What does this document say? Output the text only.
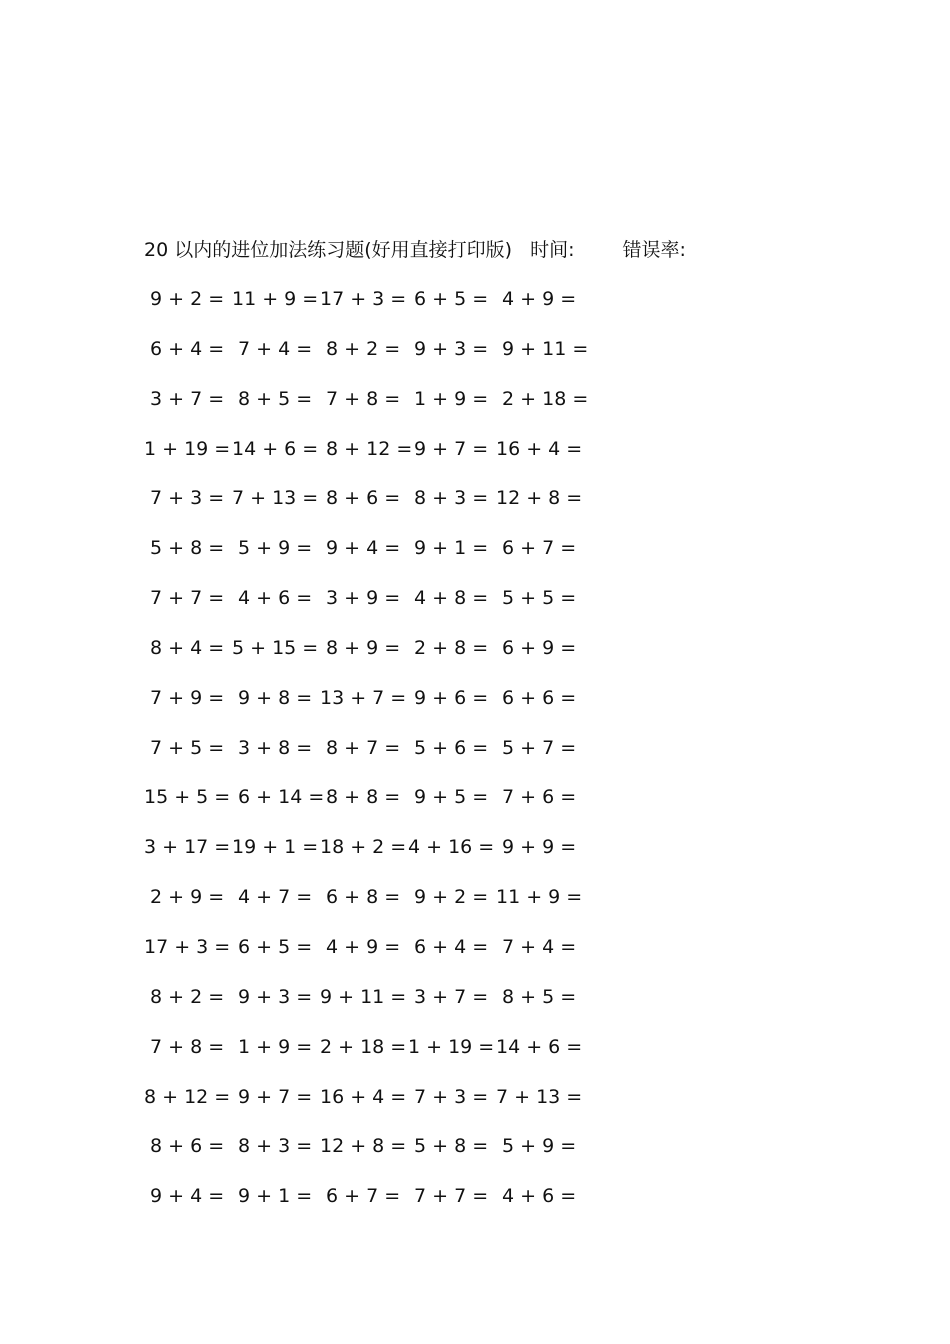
20 以内的进位加法练习题(好用直接打印版) 时间:	错误率:
9 + 2 = 11 + 9 = 17 + 3 = 6 + 5 = 4 + 9 =
6 + 4 = 7 + 4 = 8 + 2 = 9 + 3 = 9 + 11 =
3 + 7 = 8 + 5 = 7 + 8 = 1 + 9 = 2 + 18 =
1 + 19 = 14 + 6 = 8 + 12 =
9 + 7 = 16 + 4 =
7 + 3 = 7 + 13 = 8 + 6 = 8 + 3 = 12 + 8 =
5 + 8 = 5 + 9 = 9 + 4 = 9 + 1 = 6 + 7 =
7 + 7 = 4 + 6 = 3 + 9 = 4 + 8 = 5 + 5 =
8 + 4 = 5 + 15 = 8 + 9 = 2 + 8 = 6 + 9 =
7 + 9 = 9 + 8 = 13 + 7 = 9 + 6 = 6 + 6 =
7 + 5 = 3 + 8 = 8 + 7 = 5 + 6 = 5 + 7 =
15 + 5 = 6 + 14 =
8 + 8 = 9 + 5 = 7 + 6 =
3 + 17 = 19 + 1 = 18 + 2 = 4 + 16 = 9 + 9 =
2 + 9 = 4 + 7 = 6 + 8 = 9 + 2 = 11 + 9 =
17 + 3 = 6 + 5 = 4 + 9 = 6 + 4 = 7 + 4 =
8 + 2 = 9 + 3 = 9 + 11 = 3 + 7 = 8 + 5 =
7 + 8 = 1 + 9 = 2 + 18 = 1 + 19 = 14 + 6 =
8 + 12 = 9 + 7 = 16 + 4 = 7 + 3 = 7 + 13 =
8 + 6 = 8 + 3 = 12 + 8 = 5 + 8 = 5 + 9 =
9 + 4 = 9 + 1 = 6 + 7 = 7 + 7 = 4 + 6 =
